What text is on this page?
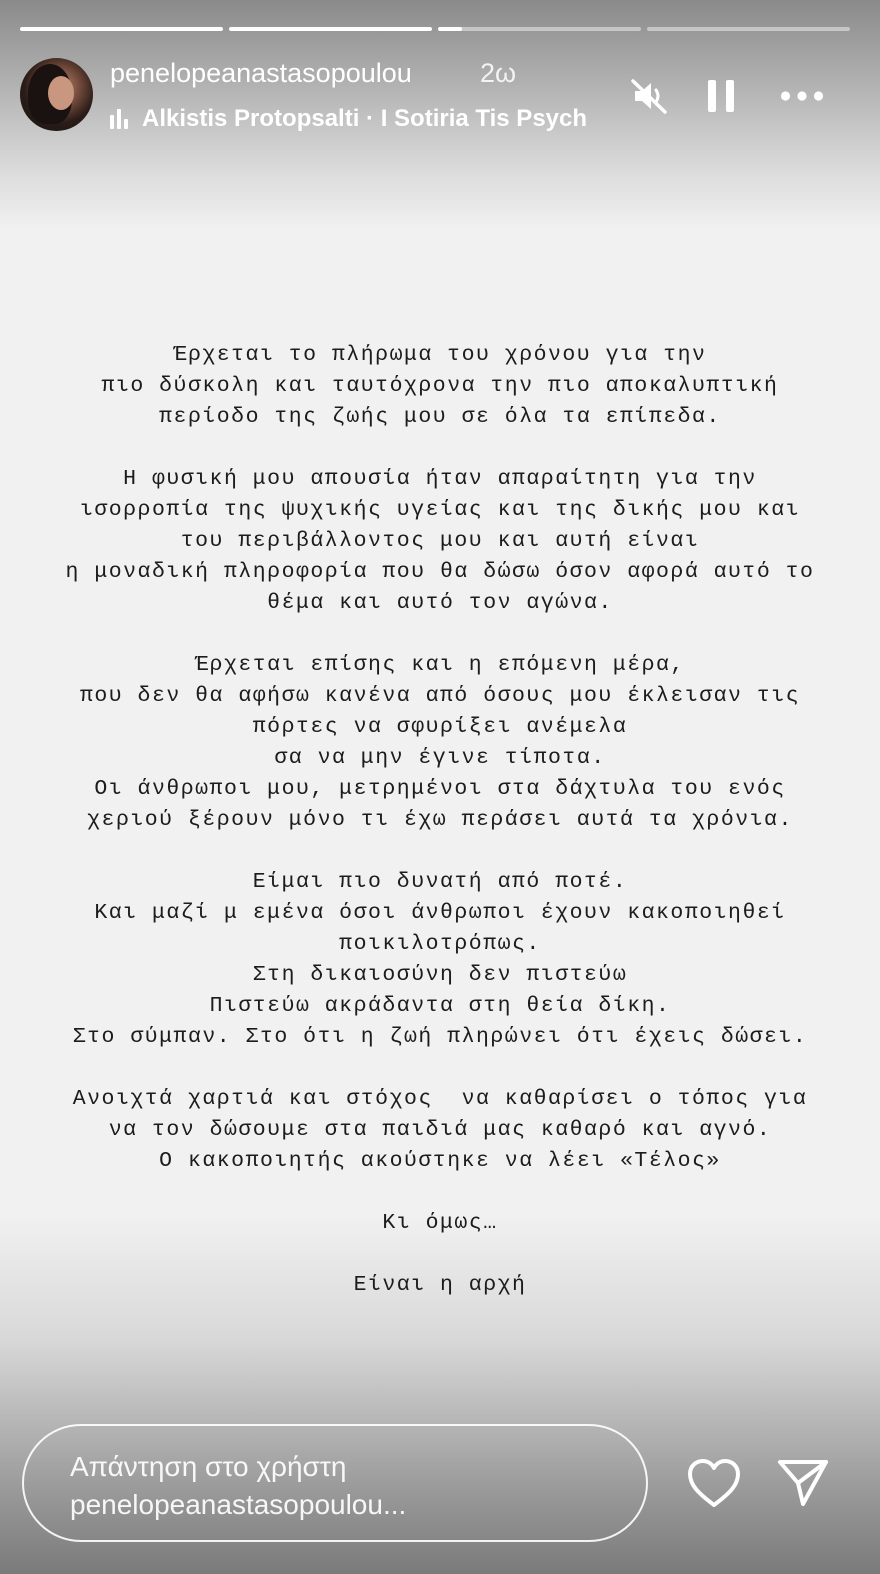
penelopeanastasopoulou	2ω
Alkistis Protopsalti · I Sotiria Tis Psych
Έρχεται το πλήρωμα του χρόνου για την
πιο δύσκολη και ταυτόχρονα την πιο αποκαλυπτική
περίοδο της ζωής μου σε όλα τα επίπεδα.
Η φυσική μου απουσία ήταν απαραίτητη για την
ισορροπία της ψυχικής υγείας και της δικής μου και
του περιβάλλοντος μου και αυτή είναι
η μοναδική πληροφορία που θα δώσω όσον αφορά αυτό το
θέμα και αυτό τον αγώνα.
Έρχεται επίσης και η επόμενη μέρα,
που δεν θα αφήσω κανένα από όσους μου έκλεισαν τις
πόρτες να σφυρίξει ανέμελα
σα να μην έγινε τίποτα.
Οι άνθρωποι μου, μετρημένοι στα δάχτυλα του ενός
χεριού ξέρουν μόνο τι έχω περάσει αυτά τα χρόνια.
Είμαι πιο δυνατή από ποτέ.
Και μαζί μ εμένα όσοι άνθρωποι έχουν κακοποιηθεί
ποικιλοτρόπως.
Στη δικαιοσύνη δεν πιστεύω
Πιστεύω ακράδαντα στη θεία δίκη.
Στο σύμπαν. Στο ότι η ζωή πληρώνει ότι έχεις δώσει.
Ανοιχτά χαρτιά και στόχος  να καθαρίσει ο τόπος για
να τον δώσουμε στα παιδιά μας καθαρό και αγνό.
Ο κακοποιητής ακούστηκε να λέει «Τέλος»
Κι όμως…
Είναι η αρχή
Απάντηση στο χρήστη
penelopeanastasopoulou...
